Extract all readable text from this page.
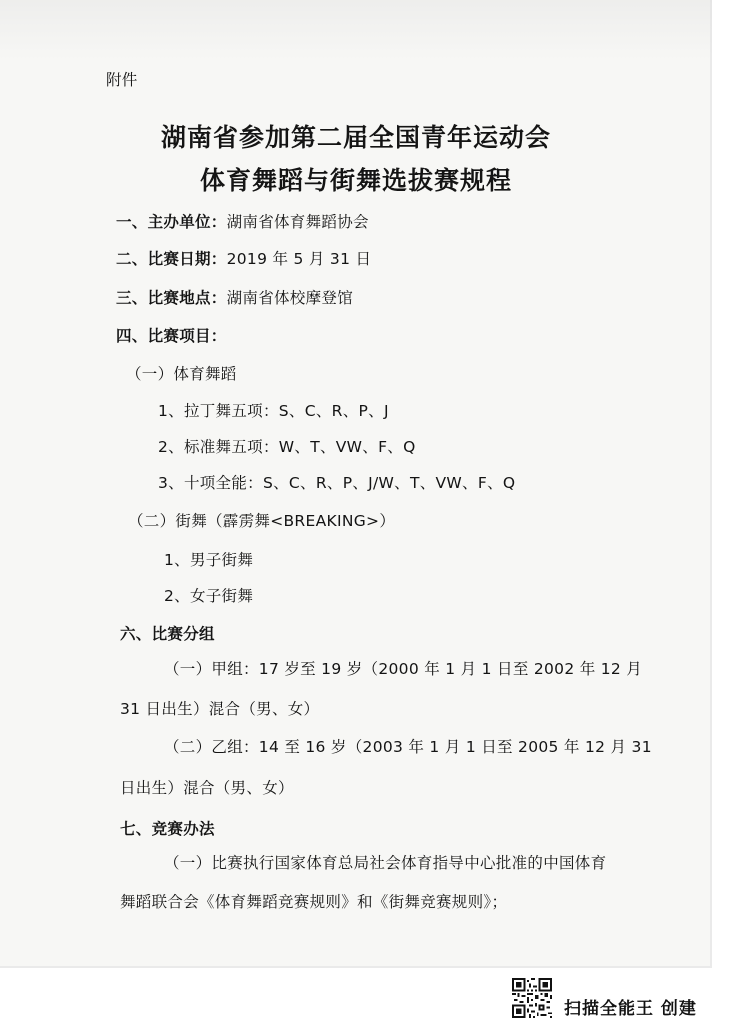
附件
湖南省参加第二届全国青年运动会
体育舞蹈与街舞选拔赛规程
一、主办单位：湖南省体育舞蹈协会
二、比赛日期：2019 年 5 月 31 日
三、比赛地点：湖南省体校摩登馆
四、比赛项目：
（一）体育舞蹈
1、拉丁舞五项：S、C、R、P、J
2、标准舞五项：W、T、VW、F、Q
3、十项全能：S、C、R、P、J/W、T、VW、F、Q
（二）街舞（霹雳舞<BREAKING>）
1、男子街舞
2、女子街舞
六、比赛分组
（一）甲组：17 岁至 19 岁（2000 年 1 月 1 日至 2002 年 12 月
31 日出生）混合（男、女）
（二）乙组：14 至 16 岁（2003 年 1 月 1 日至 2005 年 12 月 31
日出生）混合（男、女）
七、竞赛办法
（一）比赛执行国家体育总局社会体育指导中心批准的中国体育
舞蹈联合会《体育舞蹈竞赛规则》和《街舞竞赛规则》；
扫描全能王 创建
